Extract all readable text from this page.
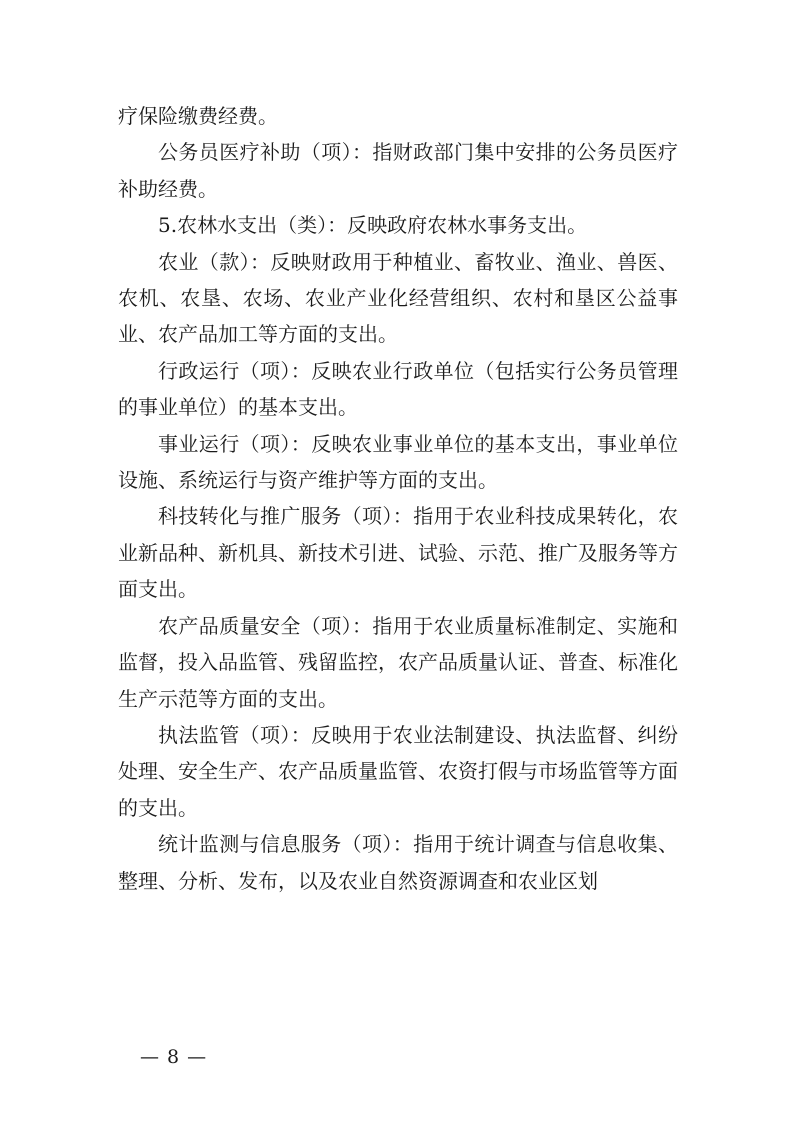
疗保险缴费经费。

公务员医疗补助（项）：指财政部门集中安排的公务员医疗补助经费。

5.农林水支出（类）：反映政府农林水事务支出。

农业（款）：反映财政用于种植业、畜牧业、渔业、兽医、农机、农垦、农场、农业产业化经营组织、农村和垦区公益事业、农产品加工等方面的支出。

行政运行（项）：反映农业行政单位（包括实行公务员管理的事业单位）的基本支出。

事业运行（项）：反映农业事业单位的基本支出，事业单位设施、系统运行与资产维护等方面的支出。

科技转化与推广服务（项）：指用于农业科技成果转化，农业新品种、新机具、新技术引进、试验、示范、推广及服务等方面支出。

农产品质量安全（项）：指用于农业质量标准制定、实施和监督，投入品监管、残留监控，农产品质量认证、普查、标准化生产示范等方面的支出。

执法监管（项）：反映用于农业法制建设、执法监督、纠纷处理、安全生产、农产品质量监管、农资打假与市场监管等方面的支出。

统计监测与信息服务（项）：指用于统计调查与信息收集、整理、分析、发布，以及农业自然资源调查和农业区划

— 8 —
